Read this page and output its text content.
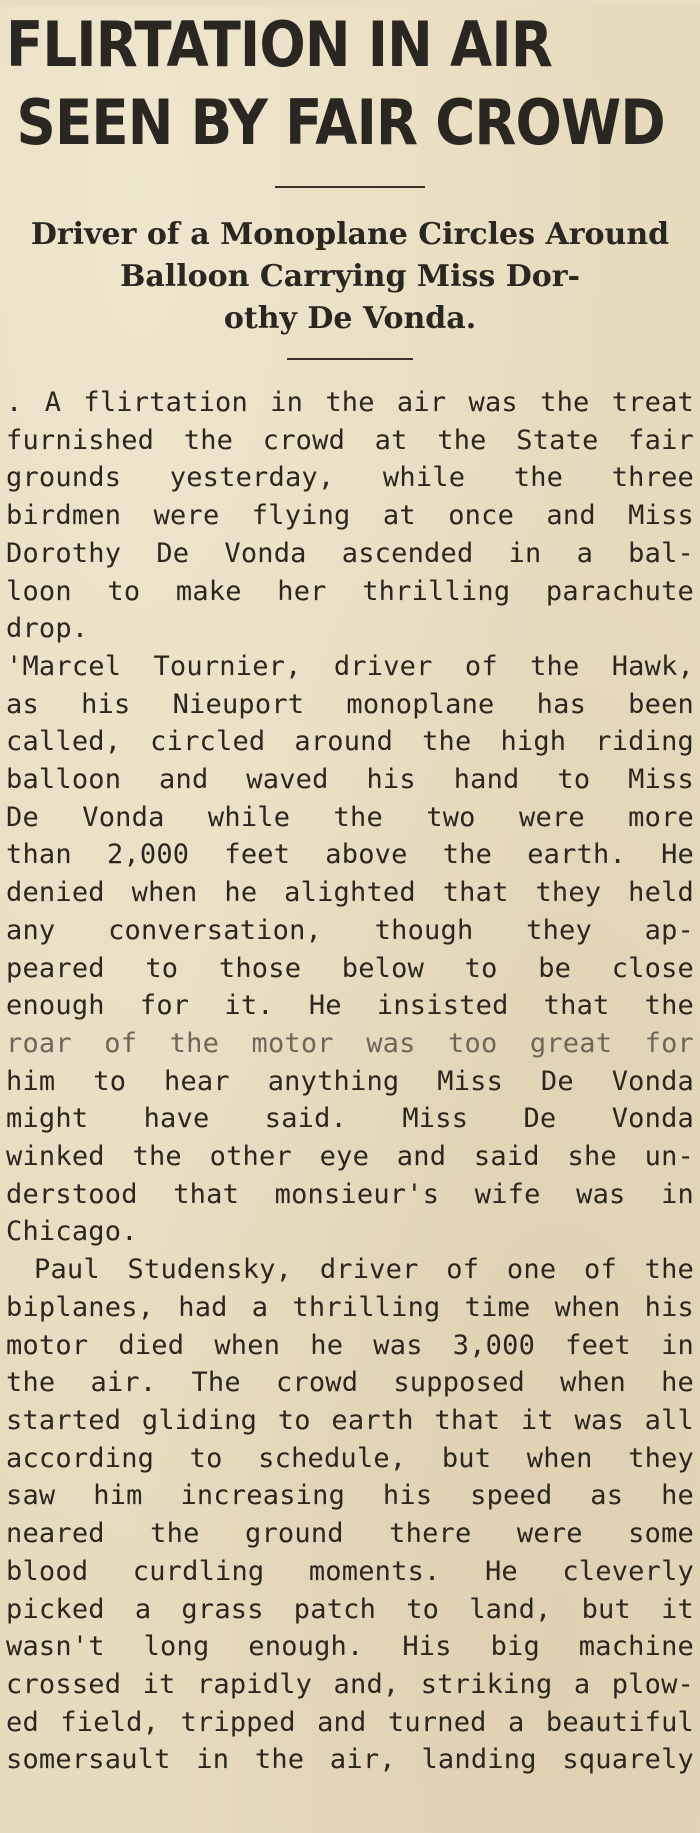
FLIRTATION IN AIR
SEEN BY FAIR CROWD
Driver of a Monoplane Circles Around
Balloon Carrying Miss Dor-
othy De Vonda.
. A flirtation in the air was the treat
furnished the crowd at the State fair
grounds yesterday, while the three
birdmen were flying at once and Miss
Dorothy De Vonda ascended in a bal-
loon to make her thrilling parachute
drop.
'Marcel Tournier, driver of the Hawk,
as his Nieuport monoplane has been
called, circled around the high riding
balloon and waved his hand to Miss
De Vonda while the two were more
than 2,000 feet above the earth. He
denied when he alighted that they held
any conversation, though they ap-
peared to those below to be close
enough for it. He insisted that the
roar of the motor was too great for
him to hear anything Miss De Vonda
might have said. Miss De Vonda
winked the other eye and said she un-
derstood that monsieur's wife was in
Chicago.
Paul Studensky, driver of one of the
biplanes, had a thrilling time when his
motor died when he was 3,000 feet in
the air. The crowd supposed when he
started gliding to earth that it was all
according to schedule, but when they
saw him increasing his speed as he
neared the ground there were some
blood curdling moments. He cleverly
picked a grass patch to land, but it
wasn't long enough. His big machine
crossed it rapidly and, striking a plow-
ed field, tripped and turned a beautiful
somersault in the air, landing squarely
